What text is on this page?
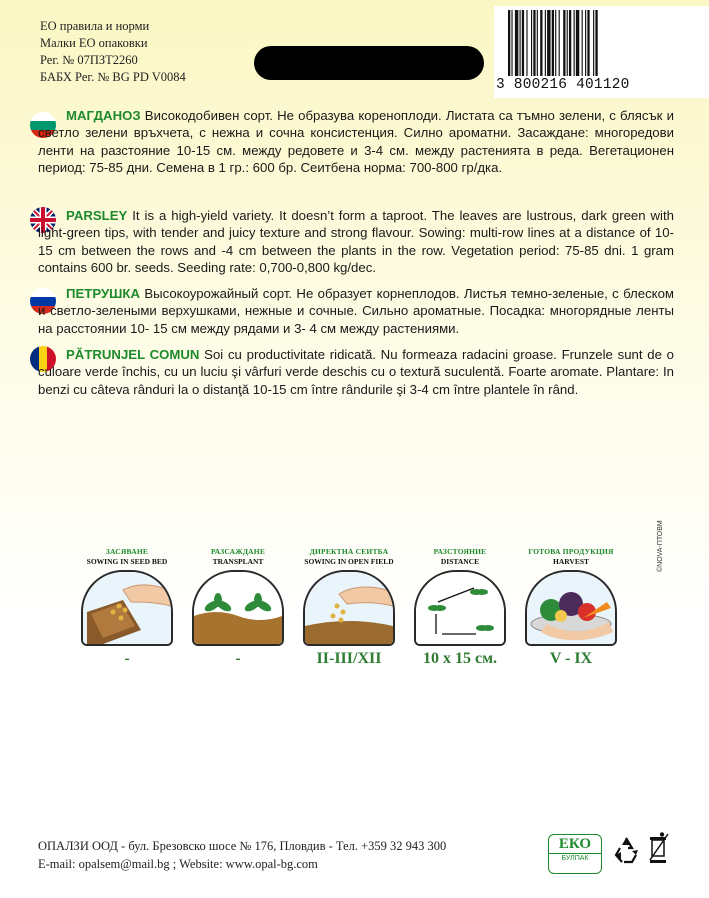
ЕО правила и норми
Малки ЕО опаковки
Рег. № 07ПЗТ2260
БАБХ Рег. № BG PD V0084	3 800216 401120
МАГДАНОЗ Високодобивен сорт. Не образува кореноплоди. Листата са тъмно зелени, с блясък и светло зелени връхчета, с нежна и сочна консистенция. Силно ароматни. Засаждане: многоредови ленти на разстояние 10-15 см. между редовете и 3-4 см. между растенията в реда. Вегетационен период: 75-85 дни. Семена в 1 гр.: 600 бр. Сеитбена норма: 700-800 гр/дка.
PARSLEY It is a high-yield variety. It doesn’t form a taproot. The leaves are lustrous, dark green with light-green tips, with tender and juicy texture and strong flavour. Sowing: multi-row lines at a distance of 10-15 cm between the rows and -4 cm between the plants in the row. Vegetation period: 75-85 dni. 1 gram contains 600 br. seeds. Seeding rate: 0,700-0,800 kg/dec.
ПЕТРУШКА Высокоурожайный сорт. Не образует корнеплодов. Листья темно-зеленые, с блеском и светло-зелеными верхушками, нежные и сочные. Сильно ароматные. Посадка: многорядные ленты на расстоянии 10- 15 см между рядами и 3- 4 см между растениями.
PĂTRUNJEL COMUN Soi cu productivitate ridicată. Nu formeaza radacini groase. Frunzele sunt de o culoare verde închis, cu un luciu şi vârfuri verde deschis cu o textură suculentă. Foarte aromate. Plantare: In benzi cu câteva rânduri la o distanţă 10-15 cm între rândurile şi 3-4 cm între plantele în rând.
ЗАСЯВАНЕ
SOWING IN SEED BED
-
РАЗСАЖДАНЕ
TRANSPLANT
-
ДИРЕКТНА СЕИТБА
SOWING IN OPEN FIELD
II-III/XII
РАЗСТОЯНИЕ
DISTANCE
10 x 15 см.
ГОТОВА ПРОДУКЦИЯ
HARVEST
V - IX
©NOVA-ПТОВМ
ОПАЛЗИ ООД - бул. Брезовско шосе № 176, Пловдив - Тел. +359 32 943 300
E-mail: opalsem@mail.bg ; Website: www.opal-bg.com
ЕКО
БУЛПАК
